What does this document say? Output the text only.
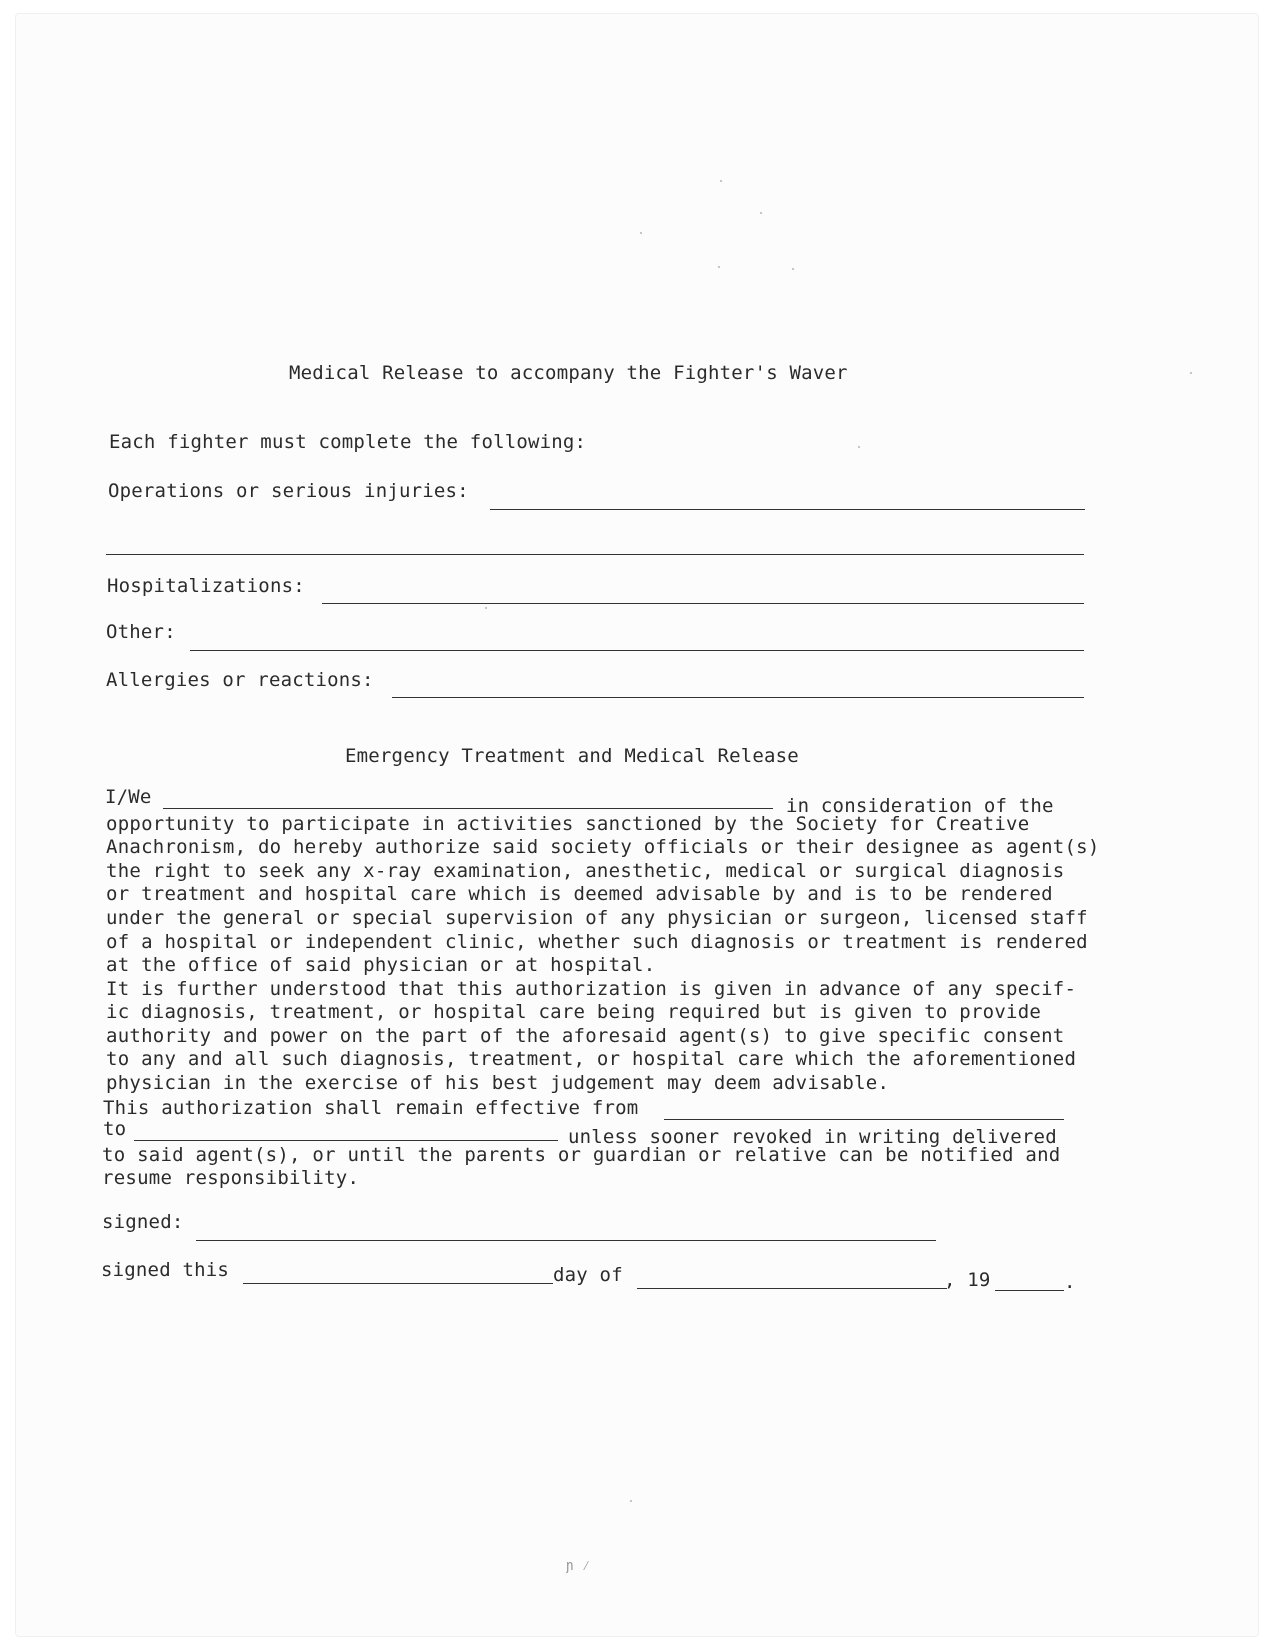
Medical Release to accompany the Fighter's Waver
Each fighter must complete the following:
Operations or serious injuries:
Hospitalizations:
Other:
Allergies or reactions:
Emergency Treatment and Medical Release
I/We	in consideration of the
opportunity to participate in activities sanctioned by the Society for Creative
Anachronism, do hereby authorize said society officials or their designee as agent(s)
the right to seek any x-ray examination, anesthetic, medical or surgical diagnosis
or treatment and hospital care which is deemed advisable by and is to be rendered
under the general or special supervision of any physician or surgeon, licensed staff
of a hospital or independent clinic, whether such diagnosis or treatment is rendered
at the office of said physician or at hospital.
It is further understood that this authorization is given in advance of any specif-
ic diagnosis, treatment, or hospital care being required but is given to provide
authority and power on the part of the aforesaid agent(s) to give specific consent
to any and all such diagnosis, treatment, or hospital care which the aforementioned
physician in the exercise of his best judgement may deem advisable.
This authorization shall remain effective from
to	unless sooner revoked in writing delivered
to said agent(s), or until the parents or guardian or relative can be notified and
resume responsibility.
signed:
signed this	day of	, 19	.
ɲ ⁄
